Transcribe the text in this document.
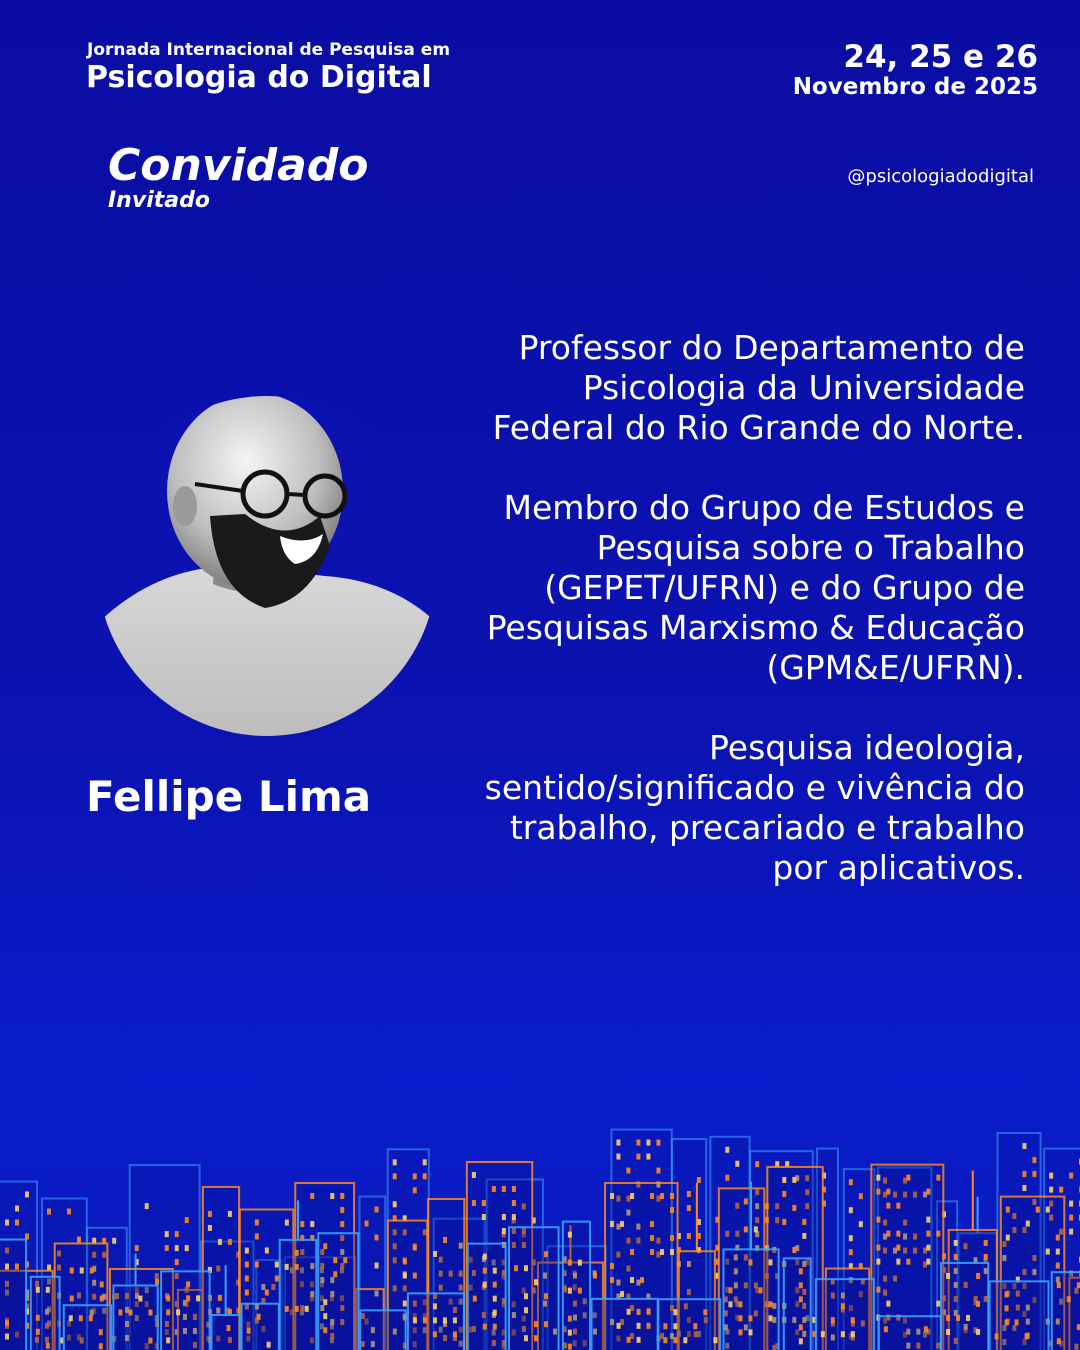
Jornada Internacional de Pesquisa em
Psicologia do Digital
24, 25 e 26
Novembro de 2025
Convidado
Invitado
@psicologiadodigital
Fellipe Lima

Professor do Departamento de Psicologia da Universidade Federal do Rio Grande do Norte.

Membro do Grupo de Estudos e Pesquisa sobre o Trabalho (GEPET/UFRN) e do Grupo de Pesquisas Marxismo & Educação (GPM&E/UFRN).

Pesquisa ideologia, sentido/significado e vivência do trabalho, precariado e trabalho por aplicativos.
